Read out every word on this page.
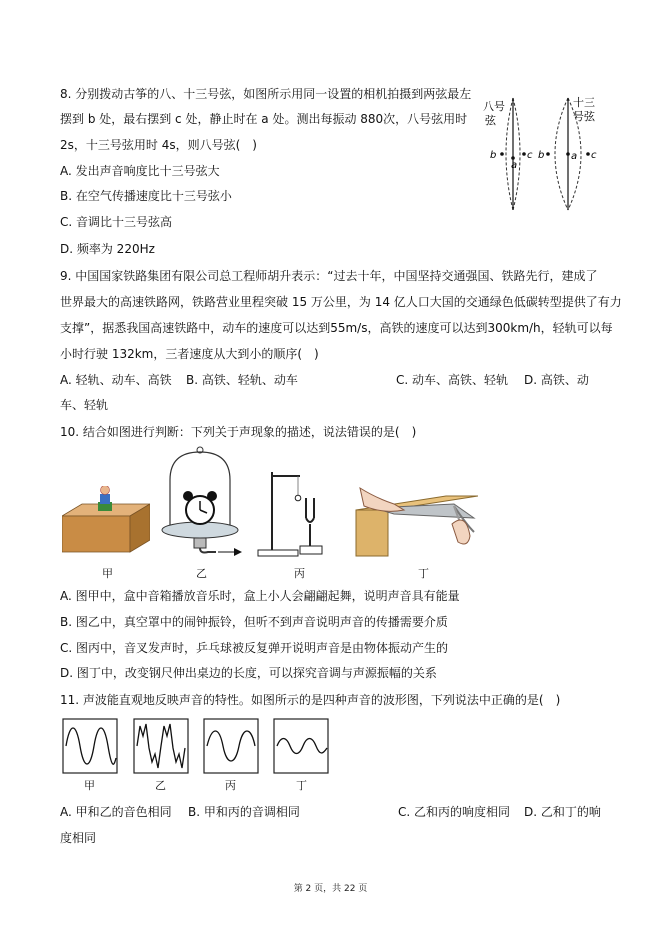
8. 分别拨动古筝的八、十三号弦，如图所示用同一设置的相机拍摄到两弦最左
摆到 b 处，最右摆到 c 处，静止时在 a 处。测出每振动 880次，八号弦用时
2s，十三号弦用时 4s，则八号弦(　)
A. 发出声音响度比十三号弦大
B. 在空气传播速度比十三号弦小
C. 音调比十三号弦高
D. 频率为 220Hz
八号
弦
b
a
c
十三
号弦
b	a c
9. 中国国家铁路集团有限公司总工程师胡升表示：“过去十年，中国坚持交通强国、铁路先行，建成了
世界最大的高速铁路网，铁路营业里程突破 15 万公里，为 14 亿人口大国的交通绿色低碳转型提供了有力
支撑”，据悉我国高速铁路中，动车的速度可以达到55m/s，高铁的速度可以达到300km/h，轻轨可以每
小时行驶 132km，三者速度从大到小的顺序(　)
A. 轻轨、动车、高铁 B. 高铁、轻轨、动车	C. 动车、高铁、轻轨 D. 高铁、动
车、轻轨
10. 结合如图进行判断：下列关于声现象的描述，说法错误的是(　)
甲	乙	丙	丁
A. 图甲中，盒中音箱播放音乐时，盒上小人会翩翩起舞，说明声音具有能量
B. 图乙中，真空罩中的闹钟振铃，但听不到声音说明声音的传播需要介质
C. 图丙中，音叉发声时，乒乓球被反复弹开说明声音是由物体振动产生的
D. 图丁中，改变钢尺伸出桌边的长度，可以探究音调与声源振幅的关系
11. 声波能直观地反映声音的特性。如图所示的是四种声音的波形图，下列说法中正确的是(　)
甲	乙	丙	丁
A. 甲和乙的音色相同 B. 甲和丙的音调相同	C. 乙和丙的响度相同 D. 乙和丁的响
度相同
第 2 页，共 22 页
